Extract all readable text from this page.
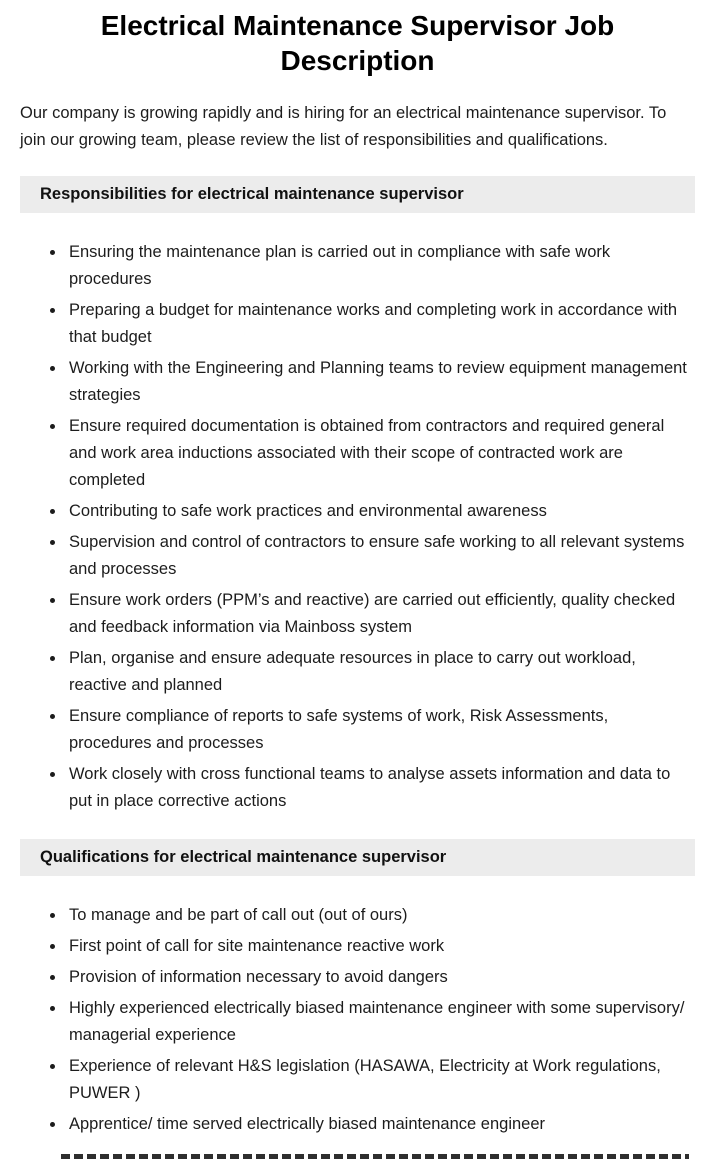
Electrical Maintenance Supervisor Job Description

Our company is growing rapidly and is hiring for an electrical maintenance supervisor. To join our growing team, please review the list of responsibilities and qualifications.

Responsibilities for electrical maintenance supervisor
• Ensuring the maintenance plan is carried out in compliance with safe work procedures
• Preparing a budget for maintenance works and completing work in accordance with that budget
• Working with the Engineering and Planning teams to review equipment management strategies
• Ensure required documentation is obtained from contractors and required general and work area inductions associated with their scope of contracted work are completed
• Contributing to safe work practices and environmental awareness
• Supervision and control of contractors to ensure safe working to all relevant systems and processes
• Ensure work orders (PPM’s and reactive) are carried out efficiently, quality checked and feedback information via Mainboss system
• Plan, organise and ensure adequate resources in place to carry out workload, reactive and planned
• Ensure compliance of reports to safe systems of work, Risk Assessments, procedures and processes
• Work closely with cross functional teams to analyse assets information and data to put in place corrective actions
Qualifications for electrical maintenance supervisor
• To manage and be part of call out (out of ours)
• First point of call for site maintenance reactive work
• Provision of information necessary to avoid dangers
• Highly experienced electrically biased maintenance engineer with some supervisory/ managerial experience
• Experience of relevant H&S legislation (HASAWA, Electricity at Work regulations, PUWER )
• Apprentice/ time served electrically biased maintenance engineer
